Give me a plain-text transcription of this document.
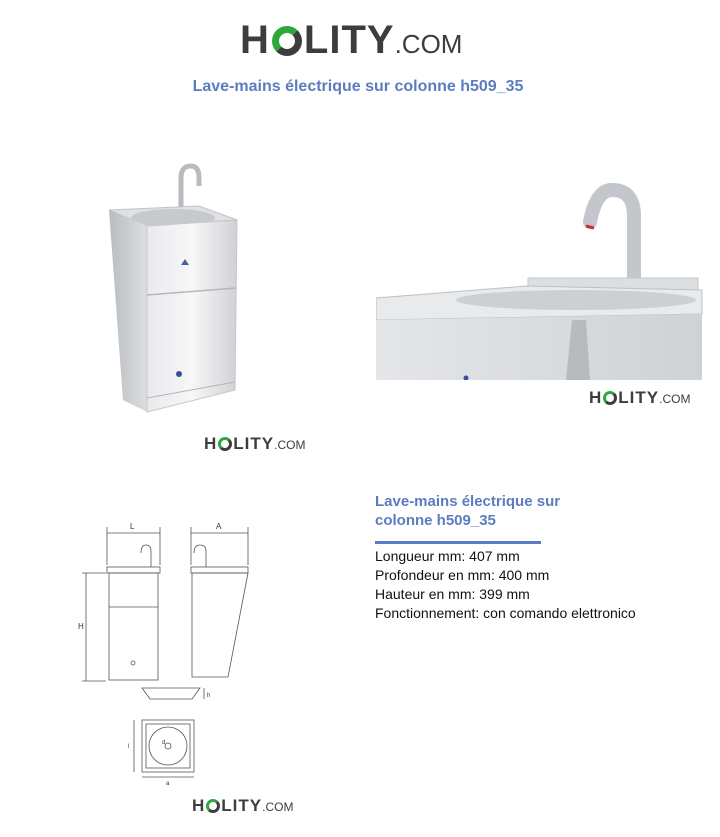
H LITY .COM
Lave-mains électrique sur colonne h509_35
H LITY .COM
H LITY .COM
L	A
H
h
l
a
d
H LITY .COM
Lave-mains électrique sur
colonne h509_35
Longueur mm: 407 mm
Profondeur en mm: 400 mm
Hauteur en mm: 399 mm
Fonctionnement: con comando elettronico
